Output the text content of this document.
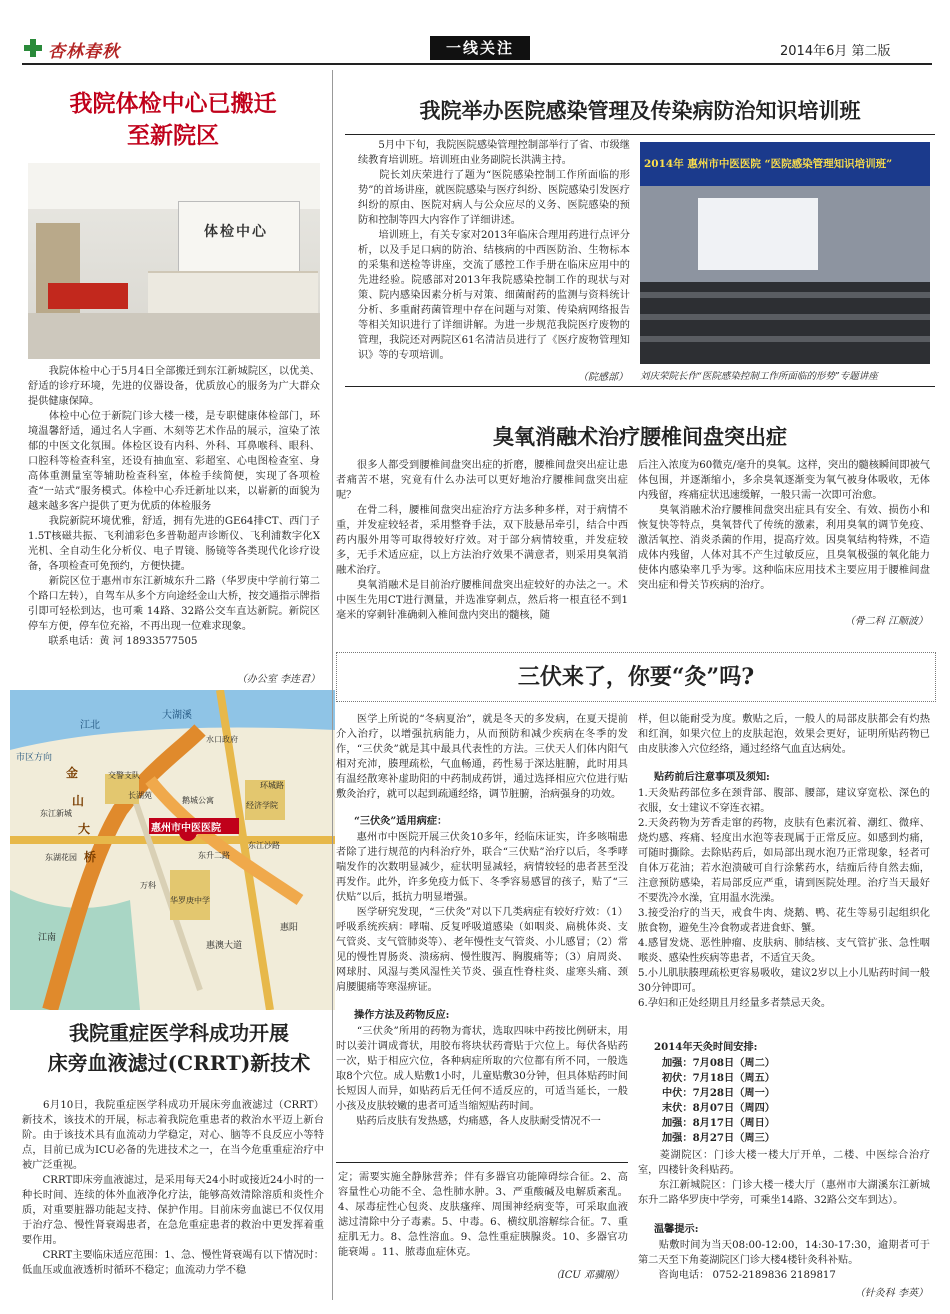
杏林春秋	一线关注	2014年6月 第二版
我院体检中心已搬迁
至新院区
体检中心
　　我院体检中心于5月4日全部搬迁到东江新城院区，以优美、舒适的诊疗环境，先进的仪器设备，优质放心的服务为广大群众提供健康保障。
　　体检中心位于新院门诊大楼一楼，是专职健康体检部门，环境温馨舒适，通过名人字画、木刻等艺术作品的展示，渲染了浓郁的中医文化氛围。体检区设有内科、外科、耳鼻喉科、眼科、口腔科等检查科室，还设有抽血室、彩超室、心电图检查室、身高体重测量室等辅助检查科室，体检手续简便，实现了各项检查“一站式”服务模式。体检中心乔迁新址以来，以崭新的面貌为越来越多客户提供了更为优质的体检服务
　　我院新院环境优雅，舒适，拥有先进的GE64排CT、西门子1.5T核磁共振、飞利浦彩色多普勒超声诊断仪、飞利浦数字化X光机、全自动生化分析仪、电子胃镜、肠镜等各类现代化诊疗设备，各项检查可免预约，方便快捷。
　　新院区位于惠州市东江新城东升二路（华罗庚中学前行第二个路口左转），自驾车从多个方向途经金山大桥，按交通指示牌指引即可轻松到达，也可乘 14路、32路公交车直达新院。新院区停车方便，停车位充裕，不再出现一位难求现象。
　　联系电话：黄 河 18933577505
（办公室 李连君）
大湖溪
江北
水口政府
金
山
大
桥
惠州市中医医院
交警支队
长湖苑
鹅城公寓
东江新城
东湖花园
江南
万科
华罗庚中学
东升二路
惠澳大道
经济学院
东江沙路
环城路
惠阳
市区方向
我院重症医学科成功开展
床旁血液滤过(CRRT)新技术
　　6月10日，我院重症医学科成功开展床旁血液滤过（CRRT）新技术，该技术的开展，标志着我院危重患者的救治水平迈上新台阶。由于该技术具有血流动力学稳定，对心、脑等不良反应小等特点，目前已成为ICU必备的先进技术之一，在当今危重重症治疗中被广泛重视。
　　CRRT即床旁血液滤过，是采用每天24小时或接近24小时的一种长时间、连续的体外血液净化疗法，能够高效清除溶质和炎性介质，对重要脏器功能起支持、保护作用。目前床旁血滤已不仅仅用于治疗急、慢性肾衰竭患者，在急危重症患者的救治中更发挥着重要作用。
　　CRRT主要临床适应范围：1、急、慢性肾衰竭有以下情况时：低血压或血液透析时循环不稳定；血流动力学不稳
定；需要实施全静脉营养；伴有多器官功能障碍综合征。2、高容量性心功能不全、急性肺水肿。3、严重酸碱及电解质紊乱。4、尿毒症性心包炎、皮肤瘙痒、周围神经病变等，可采取血液滤过清除中分子毒素。5、中毒。6、横纹肌溶解综合征。7、重症肌无力。8、急性溶血。9、急性重症胰腺炎。10、多器官功能衰竭 。11、脓毒血症休克。
（ICU 邓骥刚）
我院举办医院感染管理及传染病防治知识培训班
　　5月中下旬，我院医院感染管理控制部举行了省、市级继续教育培训班。培训班由业务副院长洪满主持。
　　院长刘庆荣进行了题为“医院感染控制工作所面临的形势”的首场讲座，就医院感染与医疗纠纷、医院感染引发医疗纠纷的原由、医院对病人与公众应尽的义务、医院感染的预防和控制等四大内容作了详细讲述。
　　培训班上，有关专家对2013年临床合理用药进行点评分析，以及手足口病的防治、结核病的中西医防治、生物标本的采集和送检等讲座，交流了感控工作手册在临床应用中的先进经验。院感部对2013年我院感染控制工作的现状与对策、院内感染因素分析与对策、细菌耐药的监测与资料统计分析、多重耐药菌管理中存在问题与对策、传染病网络报告等相关知识进行了详细讲解。为进一步规范我院医疗废物的管理，我院还对两院区61名清洁员进行了《医疗废物管理知识》等的专项培训。
（院感部）
2014年 惠州市中医医院 “医院感染管理知识培训班”
刘庆荣院长作“医院感染控制工作所面临的形势”专题讲座
臭氧消融术治疗腰椎间盘突出症
　　很多人都受到腰椎间盘突出症的折磨，腰椎间盘突出症让患者痛苦不堪，究竟有什么办法可以更好地治疗腰椎间盘突出症呢？
　　在骨二科，腰椎间盘突出症治疗方法多种多样，对于病情不重，并发症较轻者，采用整脊手法，双下肢悬吊牵引，结合中西药内服外用等可取得较好疗效。对于部分病情较重，并发症较多，无手术适应症，以上方法治疗效果不满意者，则采用臭氧消融术治疗。
　　臭氧消融术是目前治疗腰椎间盘突出症较好的办法之一。术中医生先用CT进行测量，并选准穿刺点，然后将一根直径不到1毫米的穿刺针准确刺入椎间盘内突出的髓核，随
后注入浓度为60微克/毫升的臭氧。这样，突出的髓核瞬间即被气体包围，并逐渐缩小，多余臭氧逐渐变为氧气被身体吸收，无体内残留，疼痛症状迅速缓解，一般只需一次即可治愈。
　　臭氧消融术治疗腰椎间盘突出症具有安全、有效、损伤小和恢复快等特点，臭氧替代了传统的激素，利用臭氧的调节免疫、激活氧控、消炎杀菌的作用，提高疗效。因臭氧结构特殊，不造成体内残留，人体对其不产生过敏反应，且臭氧极强的氧化能力使体内感染率几乎为零。这种临床应用技术主要应用于腰椎间盘突出症和骨关节疾病的治疗。
（骨二科 江顺波）
三伏来了，你要“灸”吗?
　　医学上所说的“冬病夏治”，就是冬天的多发病，在夏天提前介入治疗，以增强抗病能力，从而预防和减少疾病在冬季的发作，“三伏灸”就是其中最具代表性的方法。三伏天人们体内阳气相对充沛，腠理疏松，气血畅通，药性易于深达脏腑，此时用具有温经散寒补虚助阳的中药制成药饼，通过选择相应穴位进行贴敷灸治疗，就可以起到疏通经络，调节脏腑，治病强身的功效。
“三伏灸”适用病症：
　　惠州市中医院开展三伏灸10多年，经临床证实，许多咳喘患者除了进行规范的内科治疗外，联合“三伏贴”治疗以后，冬季哮喘发作的次数明显减少，症状明显减轻，病情较轻的患者甚至没再发作。此外，许多免疫力低下、冬季容易感冒的孩子，贴了“三伏贴”以后，抵抗力明显增强。
　　医学研究发现，“三伏灸”对以下几类病症有较好疗效：（1）呼吸系统疾病：哮喘、反复呼吸道感染（如咽炎、扁桃体炎、支气管炎、支气管肺炎等）、老年慢性支气管炎、小儿感冒；（2）常见的慢性胃肠炎、溃疡病、慢性腹泻、胸腹痛等；（3）肩周炎、网球肘、风湿与类风湿性关节炎、强直性脊柱炎、虚寒头痛、颈肩腰腿痛等寒湿痹证。
操作方法及药物反应:
　　“三伏灸”所用的药物为膏状，选取四味中药按比例研末，用时以姜汁调成膏状，用胶布将块状药膏贴于穴位上。每伏各贴药一次，贴于相应穴位，各种病症所取的穴位都有所不同，一般选取8个穴位。成人贴敷1小时，儿童贴敷30分钟，但具体贴药时间长短因人而异，如贴药后无任何不适反应的，可适当延长，一般小孩及皮肤较嫩的患者可适当缩短贴药时间。
　　贴药后皮肤有发热感，灼痛感，各人皮肤耐受情况不一
样，但以能耐受为度。敷贴之后，一般人的局部皮肤都会有灼热和红润，如果穴位上的皮肤起泡，效果会更好，证明所贴药物已由皮肤渗入穴位经络，通过经络气血直达病处。
贴药前后注意事项及须知:
1.天灸贴药部位多在颈背部、腹部、腰部，建议穿宽松、深色的衣服，女士建议不穿连衣裙。
2.天灸药物为芳香走窜的药物，皮肤有色素沉着、潮红、微痒、烧灼感、疼痛、轻度出水泡等表现属于正常反应。如感到灼痛，可随时撕除。去除贴药后，如局部出现水泡乃正常现象，轻者可自体万花油；若水泡溃破可自行涂紫药水，结痂后待自然去痂，注意预防感染，若局部反应严重，请到医院处理。治疗当天最好不要洗冷水澡，宜用温水洗澡。
3.接受治疗的当天，戒食牛肉、烧鹅、鸭、花生等易引起组织化脓食物，避免生冷食物或者进食虾、蟹。
4.感冒发烧、恶性肿瘤、皮肤病、肺结核、支气管扩张、急性咽喉炎、感染性疾病等患者，不适宜天灸。
5.小儿肌肤腠理疏松更容易吸收，建议2岁以上小儿贴药时间一般30分钟即可。
6.孕妇和正处经期且月经量多者禁忌天灸。
2014年天灸时间安排:
加强：7月08日（周二）
初伏：7月18日（周五）
中伏：7月28日（周一）
末伏：8月07日（周四）
加强：8月17日（周日）
加强：8月27日（周三）
　　菱湖院区：门诊大楼一楼大厅开单，二楼、中医综合治疗室，四楼针灸科贴药。
　　东江新城院区：门诊大楼一楼大厅（惠州市大湖溪东江新城东升二路华罗庚中学旁，可乘坐14路、32路公交车到达）。
温馨提示:
　　贴敷时间为当天08:00-12:00，14:30-17:30，逾期者可于第二天至下角菱湖院区门诊大楼4楼针灸科补贴。
　　咨询电话： 0752-2189836 2189817
（针灸科 李英）
